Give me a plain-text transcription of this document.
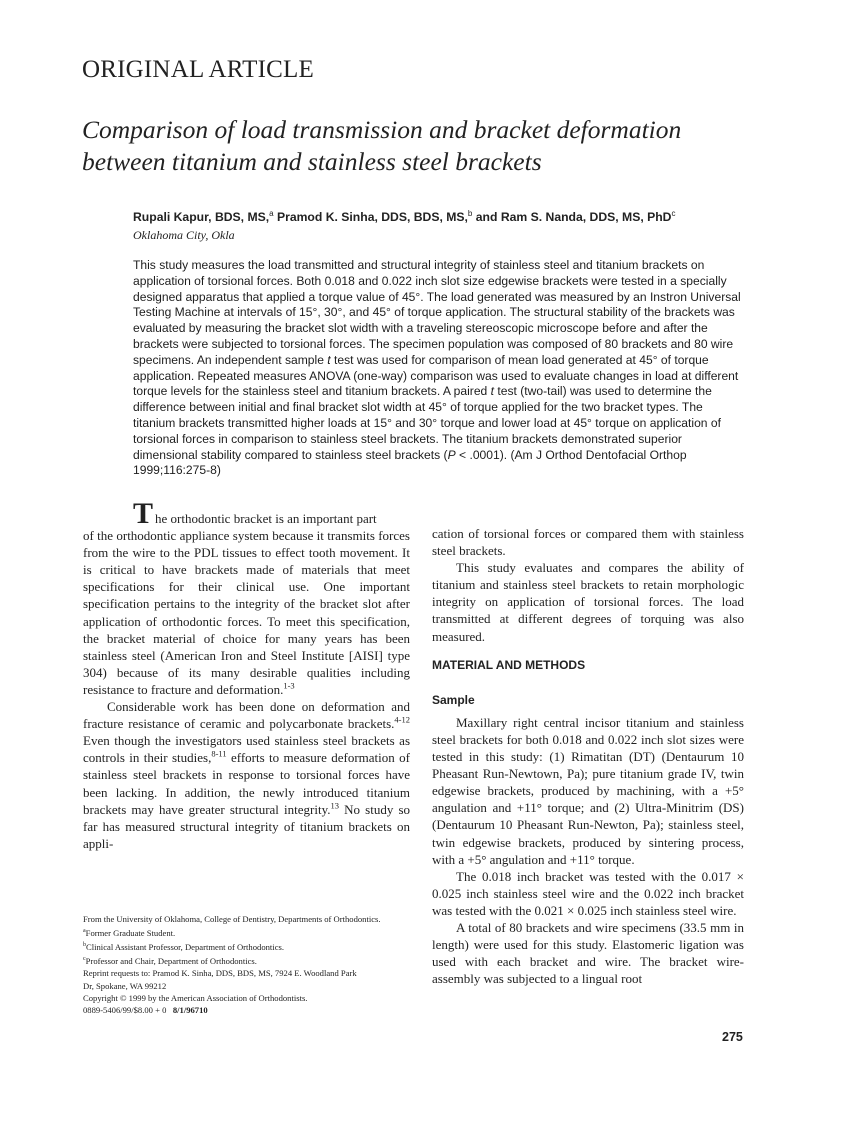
ORIGINAL ARTICLE
Comparison of load transmission and bracket deformation
between titanium and stainless steel brackets
Rupali Kapur, BDS, MS,$^a$ Pramod K. Sinha, DDS, BDS, MS,$^b$ and Ram S. Nanda, DDS, MS, PhD$^c$
Oklahoma City, Okla

This study measures the load transmitted and structural integrity of stainless steel and titanium brackets on application of torsional forces. Both 0.018 and 0.022 inch slot size edgewise brackets were tested in a specially designed apparatus that applied a torque value of 45°. The load generated was measured by an Instron Universal Testing Machine at intervals of 15°, 30°, and 45° of torque application. The structural stability of the brackets was evaluated by measuring the bracket slot width with a traveling stereoscopic microscope before and after the brackets were subjected to torsional forces. The specimen population was composed of 80 brackets and 80 wire specimens. An independent sample t test was used for comparison of mean load generated at 45° of torque application. Repeated measures ANOVA (one-way) comparison was used to evaluate changes in load at different torque levels for the stainless steel and titanium brackets. A paired t test (two-tail) was used to determine the difference between initial and final bracket slot width at 45° of torque applied for the two bracket types. The titanium brackets transmitted higher loads at 15° and 30° torque and lower load at 45° torque on application of torsional forces in comparison to stainless steel brackets. The titanium brackets demonstrated superior dimensional stability compared to stainless steel brackets (P < .0001). (Am J Orthod Dentofacial Orthop 1999;116:275-8)

T he orthodontic bracket is an important part

of the orthodontic appliance system because it transmits forces from the wire to the PDL tissues to effect tooth movement. It is critical to have brackets made of materials that meet specifications for their clinical use. One important specification pertains to the integrity of the bracket slot after application of orthodontic forces. To meet this specification, the bracket material of choice for many years has been stainless steel (American Iron and Steel Institute [AISI] type 304) because of its many desirable qualities including resistance to fracture and deformation.$^{1-3}$

Considerable work has been done on deformation and fracture resistance of ceramic and polycarbonate brackets.$^{4-12}$ Even though the investigators used stainless steel brackets as controls in their studies,$^{8-11}$ efforts to measure deformation of stainless steel brackets in response to torsional forces have been lacking. In addition, the newly introduced titanium brackets may have greater structural integrity.$^{13}$ No study so far has measured structural integrity of titanium brackets on appli-

cation of torsional forces or compared them with stainless steel brackets.

This study evaluates and compares the ability of titanium and stainless steel brackets to retain morphologic integrity on application of torsional forces. The load transmitted at different degrees of torquing was also measured.

MATERIAL AND METHODS
Sample

Maxillary right central incisor titanium and stainless steel brackets for both 0.018 and 0.022 inch slot sizes were tested in this study: (1) Rimatitan (DT) (Dentaurum 10 Pheasant Run-Newtown, Pa); pure titanium grade IV, twin edgewise brackets, produced by machining, with a +5° angulation and +11° torque; and (2) Ultra-Minitrim (DS) (Dentaurum 10 Pheasant Run-Newton, Pa); stainless steel, twin edgewise brackets, produced by sintering process, with a +5° angulation and +11° torque.

The 0.018 inch bracket was tested with the 0.017 × 0.025 inch stainless steel wire and the 0.022 inch bracket was tested with the 0.021 × 0.025 inch stainless steel wire.

A total of 80 brackets and wire specimens (33.5 mm in length) were used for this study. Elastomeric ligation was used with each bracket and wire. The bracket wire-assembly was subjected to a lingual root

From the University of Oklahoma, College of Dentistry, Departments of Orthodontics.
$^a$Former Graduate Student.
$^b$Clinical Assistant Professor, Department of Orthodontics.
$^c$Professor and Chair, Department of Orthodontics.
Reprint requests to: Pramod K. Sinha, DDS, BDS, MS, 7924 E. Woodland Park
Dr, Spokane, WA 99212
Copyright © 1999 by the American Association of Orthodontists.
0889-5406/99/$8.00 + 0 8/1/96710
275
